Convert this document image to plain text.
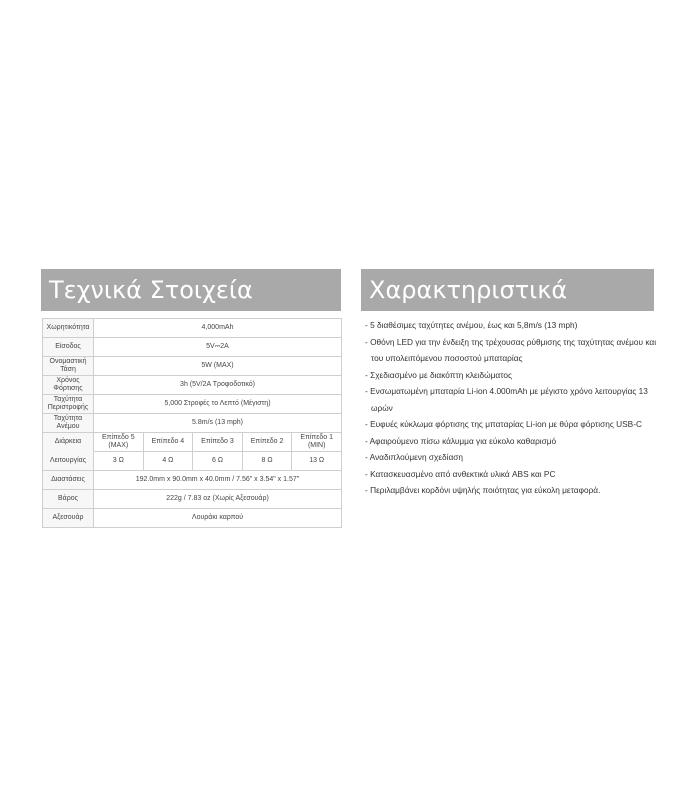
Τεχνικά Στοιχεία	Χαρακτηριστικά
Χωρητικότητα	4,000mAh				
Είσοδος	5V⎓2A				
Ονομαστική Τάση	5W (MAX)				
Χρόνος Φόρτισης	3h (5V/2A Τροφοδοτικό)				
Ταχύτητα Περιστροφής	5,000 Στροφές το Λεπτό (Μέγιστη)				
Ταχύτητα Ανέμου	5.8m/s (13 mph)				
Διάρκεια	Επίπεδο 5 (MAX)	Επίπεδο 4	Επίπεδο 3	Επίπεδο 2	Επίπεδο 1 (MIN)
Λειτουργίας	3 Ω	4 Ω	6 Ω	8 Ω	13 Ω
Διαστάσεις	192.0mm x 90.0mm x 40.0mm / 7.56" x 3.54" x 1.57"				
Βάρος	222g / 7.83 oz (Χωρίς Αξεσουάρ)				
Αξεσουάρ	Λουράκι καρπού				
- 5 διαθέσιμες ταχύτητες ανέμου, έως και 5,8m/s (13 mph)
- Οθόνη LED για την ένδειξη της τρέχουσας ρύθμισης της ταχύτητας ανέμου και του υπολειπόμενου ποσοστού μπαταρίας
- Σχεδιασμένο με διακόπτη κλειδώματος
- Ενσωματωμένη μπαταρία Li-ion 4.000mAh με μέγιστο χρόνο λειτουργίας 13 ωρών
- Ευφυές κύκλωμα φόρτισης της μπαταρίας Li-ion με θύρα φόρτισης USB-C
- Αφαιρούμενο πίσω κάλυμμα για εύκολο καθαρισμό
- Αναδιπλούμενη σχεδίαση
- Κατασκευασμένο από ανθεκτικά υλικά ABS και PC
- Περιλαμβάνει κορδόνι υψηλής ποιότητας για εύκολη μεταφορά.
